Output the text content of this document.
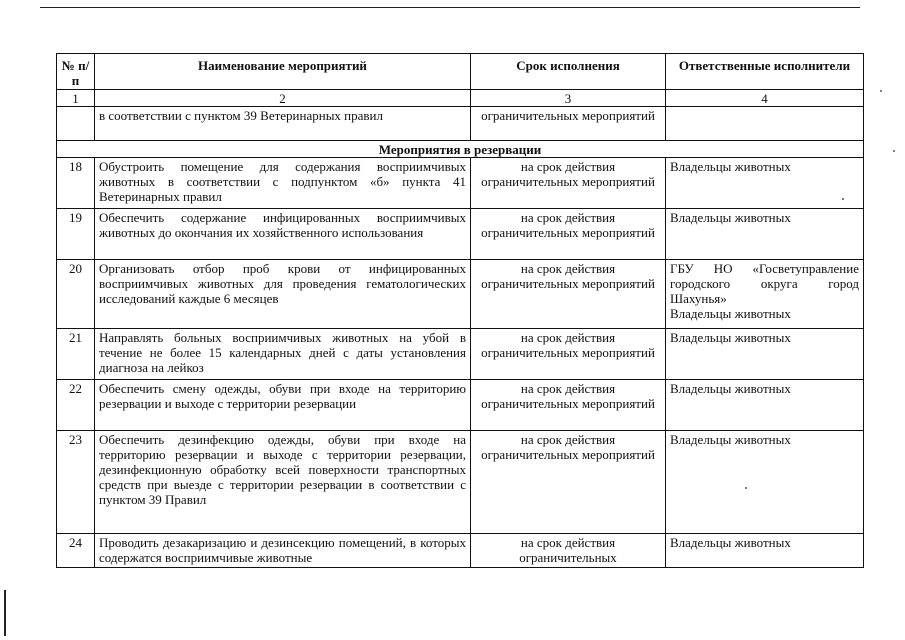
№ п/п	Наименование мероприятий	Срок исполнения	Ответственные исполнители
1	2	3	4
	в соответствии с пунктом 39 Ветеринарных правил	ограничительных мероприятий	
Мероприятия в резервации			
18	Обустроить помещение для содержания восприимчивых животных в соответствии с подпунктом «б» пункта 41 Ветеринарных правил	на срок действия ограничительных мероприятий	Владельцы животных
19	Обеспечить содержание инфицированных восприимчивых животных до окончания их хозяйственного использования	на срок действия ограничительных мероприятий	Владельцы животных
20	Организовать отбор проб крови от инфицированных восприимчивых животных для проведения гематологических исследований каждые 6 месяцев	на срок действия ограничительных мероприятий	ГБУ НО «Госветуправление городского округа город Шахунья»
Владельцы животных

21	Направлять больных восприимчивых животных на убой в течение не более 15 календарных дней с даты установления диагноза на лейкоз	на срок действия ограничительных мероприятий	Владельцы животных
22	Обеспечить смену одежды, обуви при входе на территорию резервации и выходе с территории резервации	на срок действия ограничительных мероприятий	Владельцы животных
23	Обеспечить дезинфекцию одежды, обуви при входе на территорию резервации и выходе с территории резервации, дезинфекционную обработку всей поверхности транспортных средств при выезде с территории резервации в соответствии с пунктом 39 Правил	на срок действия ограничительных мероприятий	Владельцы животных
24	Проводить дезакаризацию и дезинсекцию помещений, в которых содержатся восприимчивые животные	на срок действия ограничительных	Владельцы животных
